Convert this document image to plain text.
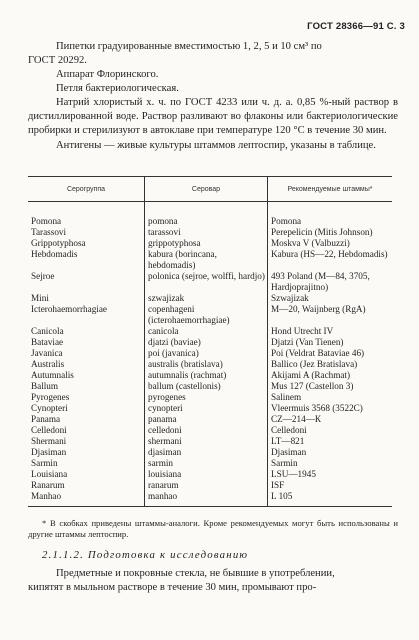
ГОСТ 28366—91 С. 3
Пипетки градуированные вместимостью 1, 2, 5 и 10 см³ по
ГОСТ 20292.
Аппарат Флоринского.
Петля бактериологическая.

Натрий хлористый х. ч. по ГОСТ 4233 или ч. д. а. 0,85 %-ный раствор в дистиллированной воде. Раствор разливают во флаконы или бактериологические пробирки и стерилизуют в автоклаве при температуре 120 °С в течение 30 мин.

Антигены — живые культуры штаммов лептоспир, указаны в таблице.

Серогруппа	Серовар	Рекомендуемые штаммы*
Pomona	pomona	Pomona
Tarassovi	tarassovi	Perepelicin (Mitis Johnson)
Grippotyphosa	grippotyphosa	Moskva V (Valbuzzi)
Hebdomadis	kabura (borincana, hebdomadis)	Kabura (HS—22, Hebdomadis)
Sejroe	polonica (sejroe, wolffi, hardjo)	493 Poland (M—84, 3705, Hardjoprajitno)
Mini	szwajizak	Szwajizak
Icterohaemorrhagiae	copenhageni (icterohaemorrhagiae)	M—20, Waijnberg (RgA)
Canicola	canicola	Hond Utrecht IV
Bataviae	djatzi (baviae)	Djatzi (Van Tienen)
Javanica	poi (javanica)	Poi (Veldrat Bataviae 46)
Australis	australis (bratislava)	Ballico (Jez Bratislava)
Autumnalis	autumnalis (rachmat)	Akijami A (Rachmat)
Ballum	ballum (castellonis)	Mus 127 (Castellon 3)
Pyrogenes	pyrogenes	Salinem
Cynopteri	cynopteri	Vleermuis 3568 (3522C)
Panama	panama	CZ—214—К
Celledoni	celledoni	Celledoni
Shermani	shermani	LT—821
Djasiman	djasiman	Djasiman
Sarmin	sarmin	Sarmin
Louisiana	louisiana	LSU—1945
Ranarum	ranarum	ISF
Manhao	manhao	L 105

* В скобках приведены штаммы-аналоги. Кроме рекомендуемых могут быть использованы и другие штаммы лептоспир.

2.1.1.2. Подготовка к исследованию
Предметные и покровные стекла, не бывшие в употреблении,
кипятят в мыльном растворе в течение 30 мин, промывают про-
